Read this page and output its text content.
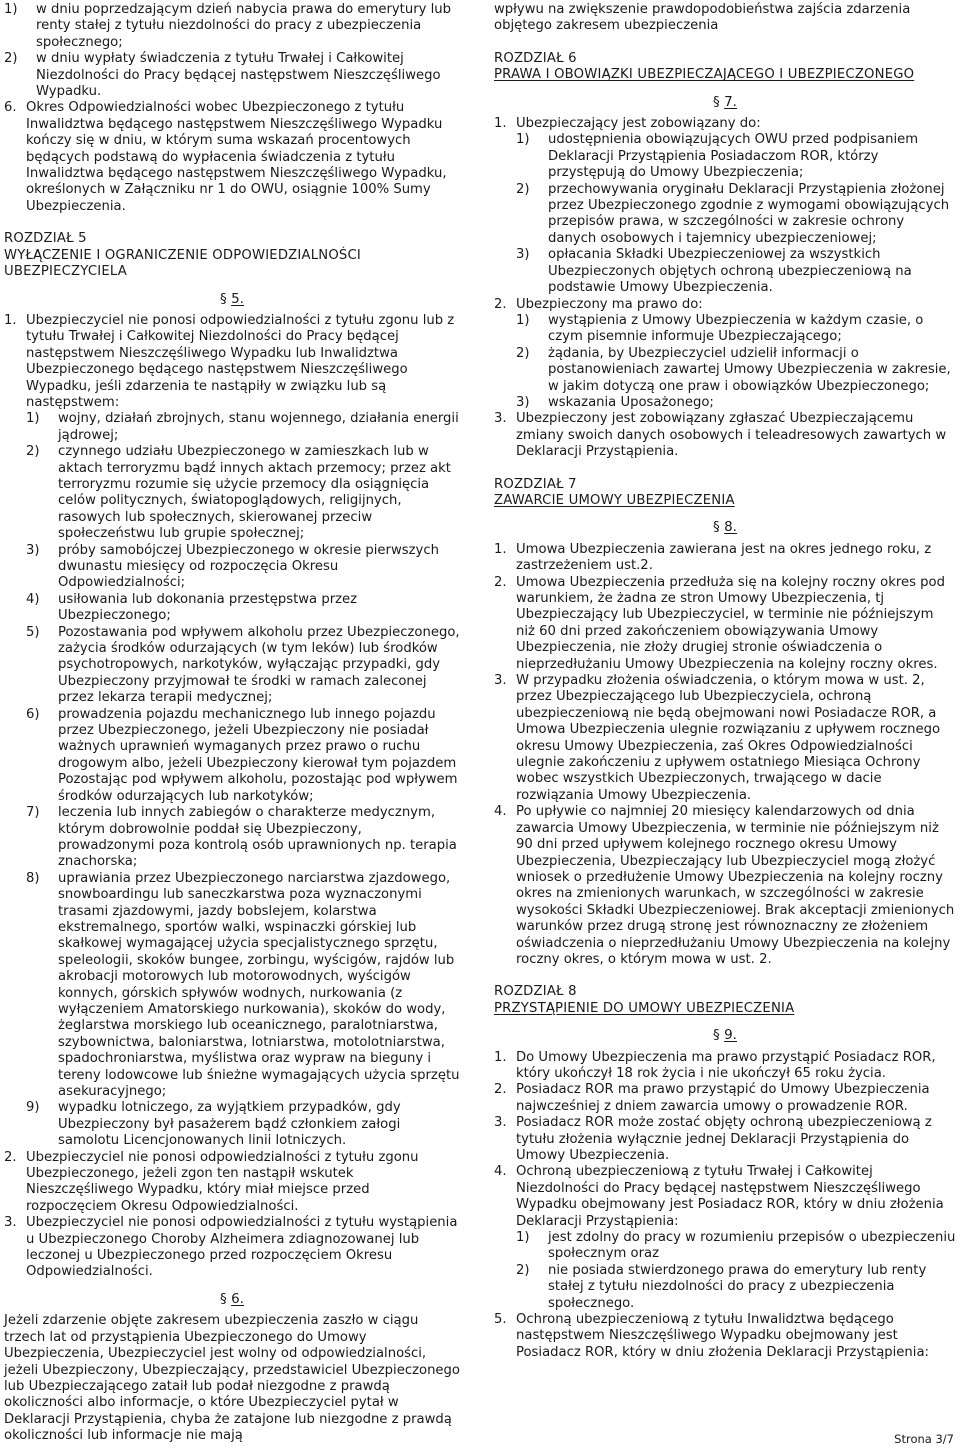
1)	w dniu poprzedzającym dzień nabycia prawa do emerytury lub renty stałej z tytułu niezdolności do pracy z ubezpieczenia społecznego;
2)	w dniu wypłaty świadczenia z tytułu Trwałej i Całkowitej Niezdolności do Pracy będącej następstwem Nieszczęśliwego Wypadku.
6. Okres Odpowiedzialności wobec Ubezpieczonego z tytułu Inwalidztwa będącego następstwem Nieszczęśliwego Wypadku kończy się w dniu, w którym suma wskazań procentowych będących podstawą do wypłacenia świadczenia z tytułu Inwalidztwa będącego następstwem Nieszczęśliwego Wypadku, określonych w Załączniku nr 1 do OWU, osiągnie 100% Sumy Ubezpieczenia.
ROZDZIAŁ 5
WYŁĄCZENIE I OGRANICZENIE ODPOWIEDZIALNOŚCI UBEZPIECZYCIELA
§ 5.
1. Ubezpieczyciel nie ponosi odpowiedzialności z tytułu zgonu lub z tytułu Trwałej i Całkowitej Niezdolności do Pracy będącej następstwem Nieszczęśliwego Wypadku lub Inwalidztwa Ubezpieczonego będącego następstwem Nieszczęśliwego Wypadku, jeśli zdarzenia te nastąpiły w związku lub są następstwem:
1)	wojny, działań zbrojnych, stanu wojennego, działania energii jądrowej;
2)	czynnego udziału Ubezpieczonego w zamieszkach lub w aktach terroryzmu bądź innych aktach przemocy; przez akt terroryzmu rozumie się użycie przemocy dla osiągnięcia celów politycznych, światopoglądowych, religijnych, rasowych lub społecznych, skierowanej przeciw społeczeństwu lub grupie społecznej;
3)	próby samobójczej Ubezpieczonego w okresie pierwszych dwunastu miesięcy od rozpoczęcia Okresu Odpowiedzialności;
4)	usiłowania lub dokonania przestępstwa przez Ubezpieczonego;
5)	Pozostawania pod wpływem alkoholu przez Ubezpieczonego, zażycia środków odurzających (w tym leków) lub środków psychotropowych, narkotyków, wyłączając przypadki, gdy Ubezpieczony przyjmował te środki w ramach zaleconej przez lekarza terapii medycznej;
6)	prowadzenia pojazdu mechanicznego lub innego pojazdu przez Ubezpieczonego, jeżeli Ubezpieczony nie posiadał ważnych uprawnień wymaganych przez prawo o ruchu drogowym albo, jeżeli Ubezpieczony kierował tym pojazdem Pozostając pod wpływem alkoholu, pozostając pod wpływem środków odurzających lub narkotyków;
7)	leczenia lub innych zabiegów o charakterze medycznym, którym dobrowolnie poddał się Ubezpieczony, prowadzonymi poza kontrolą osób uprawnionych np. terapia znachorska;
8)	uprawiania przez Ubezpieczonego narciarstwa zjazdowego, snowboardingu lub saneczkarstwa poza wyznaczonymi trasami zjazdowymi, jazdy bobslejem, kolarstwa ekstremalnego, sportów walki, wspinaczki górskiej lub skałkowej wymagającej użycia specjalistycznego sprzętu, speleologii, skoków bungee, zorbingu, wyścigów, rajdów lub akrobacji motorowych lub motorowodnych, wyścigów konnych, górskich spływów wodnych, nurkowania (z wyłączeniem Amatorskiego nurkowania), skoków do wody, żeglarstwa morskiego lub oceanicznego, paralotniarstwa, szybownictwa, baloniarstwa, lotniarstwa, motolotniarstwa, spadochroniarstwa, myślistwa oraz wypraw na bieguny i tereny lodowcowe lub śnieżne wymagających użycia sprzętu asekuracyjnego;
9)	wypadku lotniczego, za wyjątkiem przypadków, gdy Ubezpieczony był pasażerem bądź członkiem załogi samolotu Licencjonowanych linii lotniczych.
2. Ubezpieczyciel nie ponosi odpowiedzialności z tytułu zgonu Ubezpieczonego, jeżeli zgon ten nastąpił wskutek Nieszczęśliwego Wypadku, który miał miejsce przed rozpoczęciem Okresu Odpowiedzialności.
3. Ubezpieczyciel nie ponosi odpowiedzialności z tytułu wystąpienia u Ubezpieczonego Choroby Alzheimera zdiagnozowanej lub leczonej u Ubezpieczonego przed rozpoczęciem Okresu Odpowiedzialności.
§ 6.

Jeżeli zdarzenie objęte zakresem ubezpieczenia zaszło w ciągu trzech lat od przystąpienia Ubezpieczonego do Umowy Ubezpieczenia, Ubezpieczyciel jest wolny od odpowiedzialności, jeżeli Ubezpieczony, Ubezpieczający, przedstawiciel Ubezpieczonego lub Ubezpieczającego zataił lub podał niezgodne z prawdą okoliczności albo informacje, o które Ubezpieczyciel pytał w Deklaracji Przystąpienia, chyba że zatajone lub niezgodne z prawdą okoliczności lub informacje nie mają

wpływu na zwiększenie prawdopodobieństwa zajścia zdarzenia objętego zakresem ubezpieczenia

ROZDZIAŁ 6
PRAWA I OBOWIĄZKI UBEZPIECZAJĄCEGO I UBEZPIECZONEGO
§ 7.
1. Ubezpieczający jest zobowiązany do:
1)	udostępnienia obowiązujących OWU przed podpisaniem Deklaracji Przystąpienia Posiadaczom ROR, którzy przystępują do Umowy Ubezpieczenia;
2)	przechowywania oryginału Deklaracji Przystąpienia złożonej przez Ubezpieczonego zgodnie z wymogami obowiązujących przepisów prawa, w szczególności w zakresie ochrony danych osobowych i tajemnicy ubezpieczeniowej;
3)	opłacania Składki Ubezpieczeniowej za wszystkich Ubezpieczonych objętych ochroną ubezpieczeniową na podstawie Umowy Ubezpieczenia.
2. Ubezpieczony ma prawo do:
1)	wystąpienia z Umowy Ubezpieczenia w każdym czasie, o czym pisemnie informuje Ubezpieczającego;
2)	żądania, by Ubezpieczyciel udzielił informacji o postanowieniach zawartej Umowy Ubezpieczenia w zakresie, w jakim dotyczą one praw i obowiązków Ubezpieczonego;
3)	wskazania Uposażonego;
3. Ubezpieczony jest zobowiązany zgłaszać Ubezpieczającemu zmiany swoich danych osobowych i teleadresowych zawartych w Deklaracji Przystąpienia.
ROZDZIAŁ 7
ZAWARCIE UMOWY UBEZPIECZENIA
§ 8.
1. Umowa Ubezpieczenia zawierana jest na okres jednego roku, z zastrzeżeniem ust.2.
2. Umowa Ubezpieczenia przedłuża się na kolejny roczny okres pod warunkiem, że żadna ze stron Umowy Ubezpieczenia, tj Ubezpieczający lub Ubezpieczyciel, w terminie nie późniejszym niż 60 dni przed zakończeniem obowiązywania Umowy Ubezpieczenia, nie złoży drugiej stronie oświadczenia o nieprzedłużaniu Umowy Ubezpieczenia na kolejny roczny okres.
3. W przypadku złożenia oświadczenia, o którym mowa w ust. 2, przez Ubezpieczającego lub Ubezpieczyciela, ochroną ubezpieczeniową nie będą obejmowani nowi Posiadacze ROR, a Umowa Ubezpieczenia ulegnie rozwiązaniu z upływem rocznego okresu Umowy Ubezpieczenia, zaś Okres Odpowiedzialności ulegnie zakończeniu z upływem ostatniego Miesiąca Ochrony wobec wszystkich Ubezpieczonych, trwającego w dacie rozwiązania Umowy Ubezpieczenia.
4. Po upływie co najmniej 20 miesięcy kalendarzowych od dnia zawarcia Umowy Ubezpieczenia, w terminie nie późniejszym niż 90 dni przed upływem kolejnego rocznego okresu Umowy Ubezpieczenia, Ubezpieczający lub Ubezpieczyciel mogą złożyć wniosek o przedłużenie Umowy Ubezpieczenia na kolejny roczny okres na zmienionych warunkach, w szczególności w zakresie wysokości Składki Ubezpieczeniowej. Brak akceptacji zmienionych warunków przez drugą stronę jest równoznaczny ze złożeniem oświadczenia o nieprzedłużaniu Umowy Ubezpieczenia na kolejny roczny okres, o którym mowa w ust. 2.
ROZDZIAŁ 8
PRZYSTĄPIENIE DO UMOWY UBEZPIECZENIA
§ 9.
1. Do Umowy Ubezpieczenia ma prawo przystąpić Posiadacz ROR, który ukończył 18 rok życia i nie ukończył 65 roku życia.
2. Posiadacz ROR ma prawo przystąpić do Umowy Ubezpieczenia najwcześniej z dniem zawarcia umowy o prowadzenie ROR.
3. Posiadacz ROR może zostać objęty ochroną ubezpieczeniową z tytułu złożenia wyłącznie jednej Deklaracji Przystąpienia do Umowy Ubezpieczenia.
4. Ochroną ubezpieczeniową z tytułu Trwałej i Całkowitej Niezdolności do Pracy będącej następstwem Nieszczęśliwego Wypadku obejmowany jest Posiadacz ROR, który w dniu złożenia Deklaracji Przystąpienia:
1)	jest zdolny do pracy w rozumieniu przepisów o ubezpieczeniu społecznym oraz
2)	nie posiada stwierdzonego prawa do emerytury lub renty stałej z tytułu niezdolności do pracy z ubezpieczenia społecznego.
5. Ochroną ubezpieczeniową z tytułu Inwalidztwa będącego następstwem Nieszczęśliwego Wypadku obejmowany jest Posiadacz ROR, który w dniu złożenia Deklaracji Przystąpienia:
Strona 3/7
